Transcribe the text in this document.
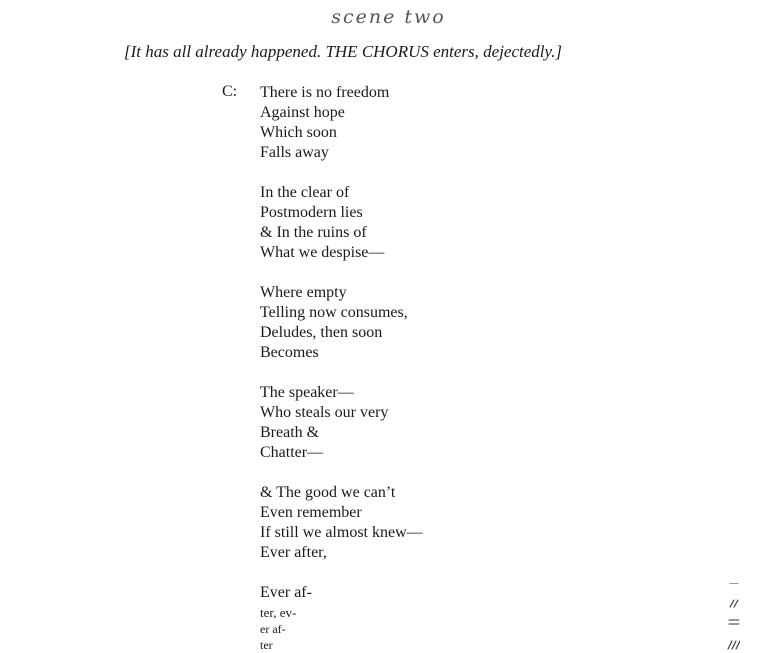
scene two
[It has all already happened. THE CHORUS enters, dejectedly.]
C: There is no freedom
Against hope
Which soon
Falls away
In the clear of
Postmodern lies
& In the ruins of
What we despise—
Where empty
Telling now consumes,
Deludes, then soon
Becomes
The speaker—
Who steals our very
Breath &
Chatter—
& The good we can’t
Even remember
If still we almost knew—
Ever after,
Ever af-
ter, ev-
er af-
ter
